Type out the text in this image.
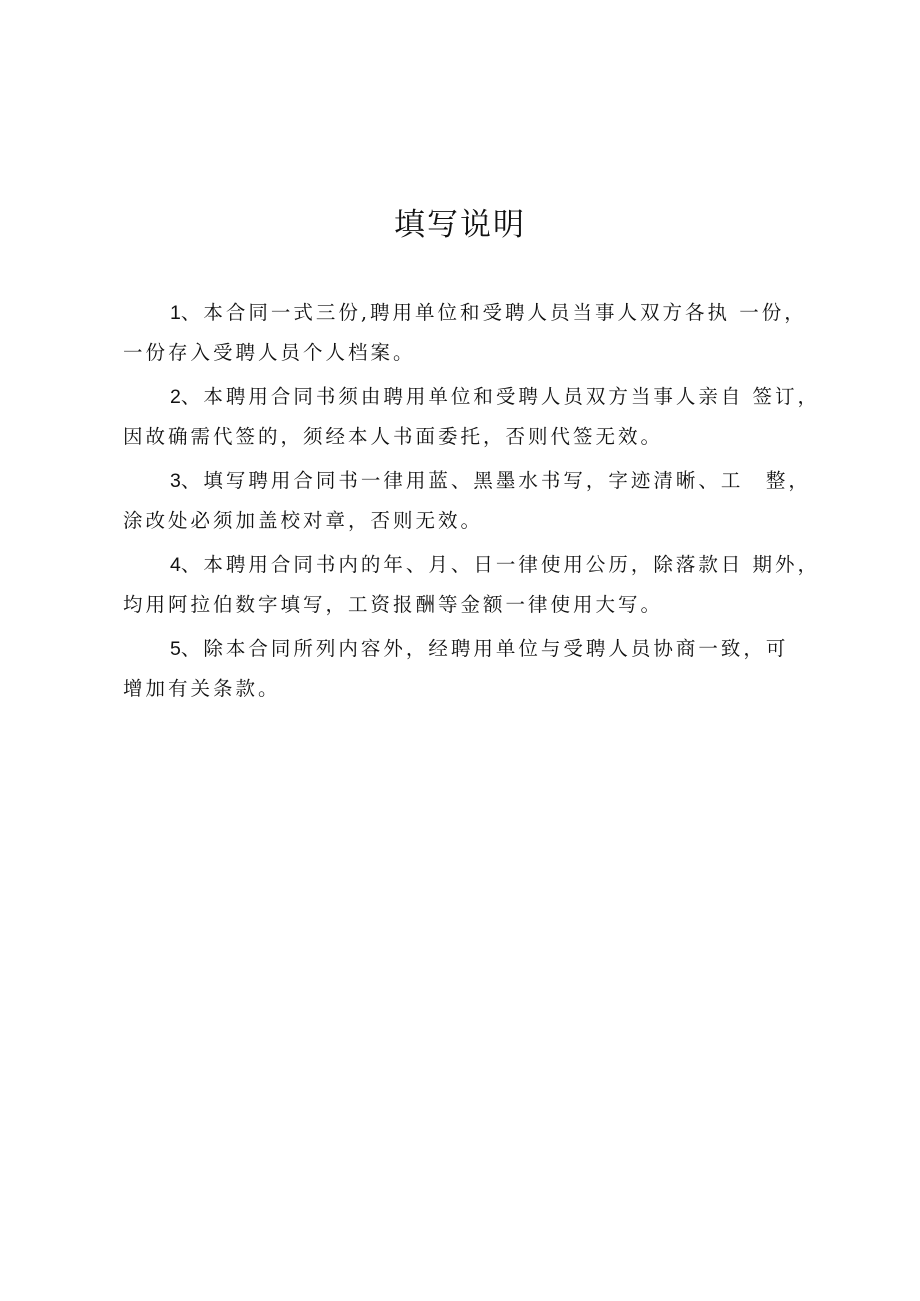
填写说明
1、本合同一式三份,聘用单位和受聘人员当事人双方各执 一份，
一份存入受聘人员个人档案。
2、本聘用合同书须由聘用单位和受聘人员双方当事人亲自 签订，
因故确需代签的，须经本人书面委托，否则代签无效。
3、填写聘用合同书一律用蓝、黑墨水书写，字迹清晰、工　整，
涂改处必须加盖校对章，否则无效。
4、本聘用合同书内的年、月、日一律使用公历，除落款日 期外，
均用阿拉伯数字填写，工资报酬等金额一律使用大写。
5、除本合同所列内容外，经聘用单位与受聘人员协商一致，可
增加有关条款。
